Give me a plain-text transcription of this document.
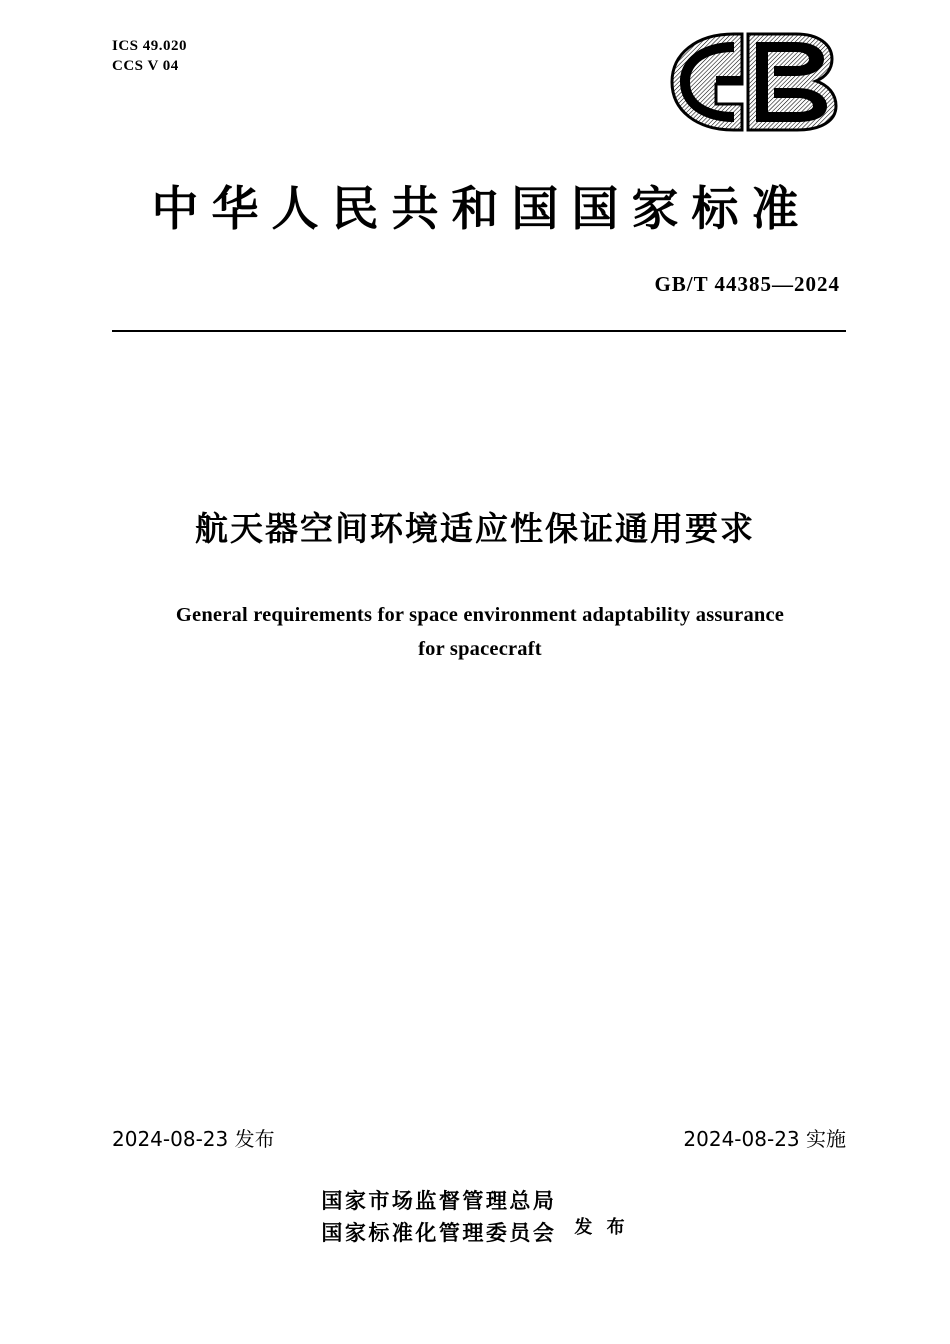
ICS 49.020
CCS V 04
中华人民共和国国家标准
GB/T 44385—2024
航天器空间环境适应性保证通用要求
General requirements for space environment adaptability assurance
for spacecraft
2024-08-23 发布	2024-08-23 实施
国家市场监督管理总局
国家标准化管理委员会 发 布
